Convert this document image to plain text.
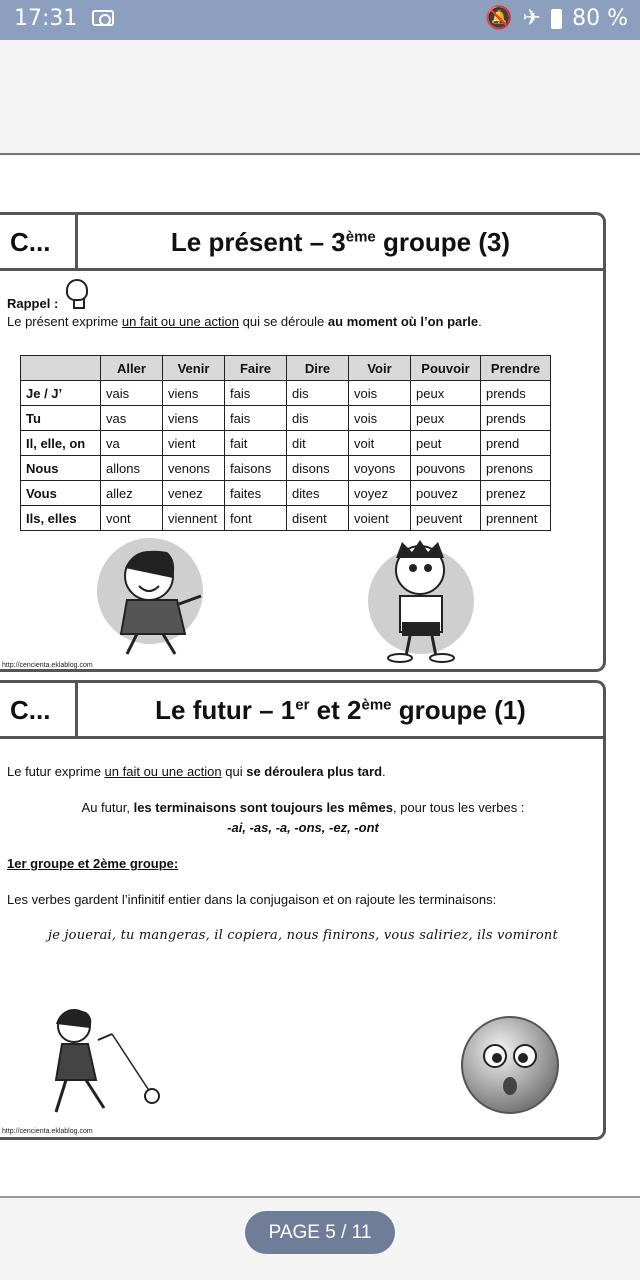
17:31	🔕 ✈ 80 %
C...	Le présent – 3ème groupe (3)
Rappel :
Le présent exprime un fait ou une action qui se déroule au moment où l’on parle.
	Aller	Venir	Faire	Dire	Voir	Pouvoir	Prendre
Je / J’	vais	viens	fais	dis	vois	peux	prends
Tu	vas	viens	fais	dis	vois	peux	prends
Il, elle, on	va	vient	fait	dit	voit	peut	prend
Nous	allons	venons	faisons	disons	voyons	pouvons	prenons
Vous	allez	venez	faites	dites	voyez	pouvez	prenez
Ils, elles	vont	viennent	font	disent	voient	peuvent	prennent
http://cencienta.eklablog.com
C...	Le futur – 1er et 2ème groupe (1)
Le futur exprime un fait ou une action qui se déroulera plus tard.
Au futur, les terminaisons sont toujours les mêmes, pour tous les verbes :
-ai, -as, -a, -ons, -ez, -ont
1er groupe et 2ème groupe:
Les verbes gardent l’infinitif entier dans la conjugaison et on rajoute les terminaisons:
je jouerai, tu mangeras, il copiera, nous finirons, vous saliriez, ils vomiront
http://cencienta.eklablog.com
PAGE 5 / 11
